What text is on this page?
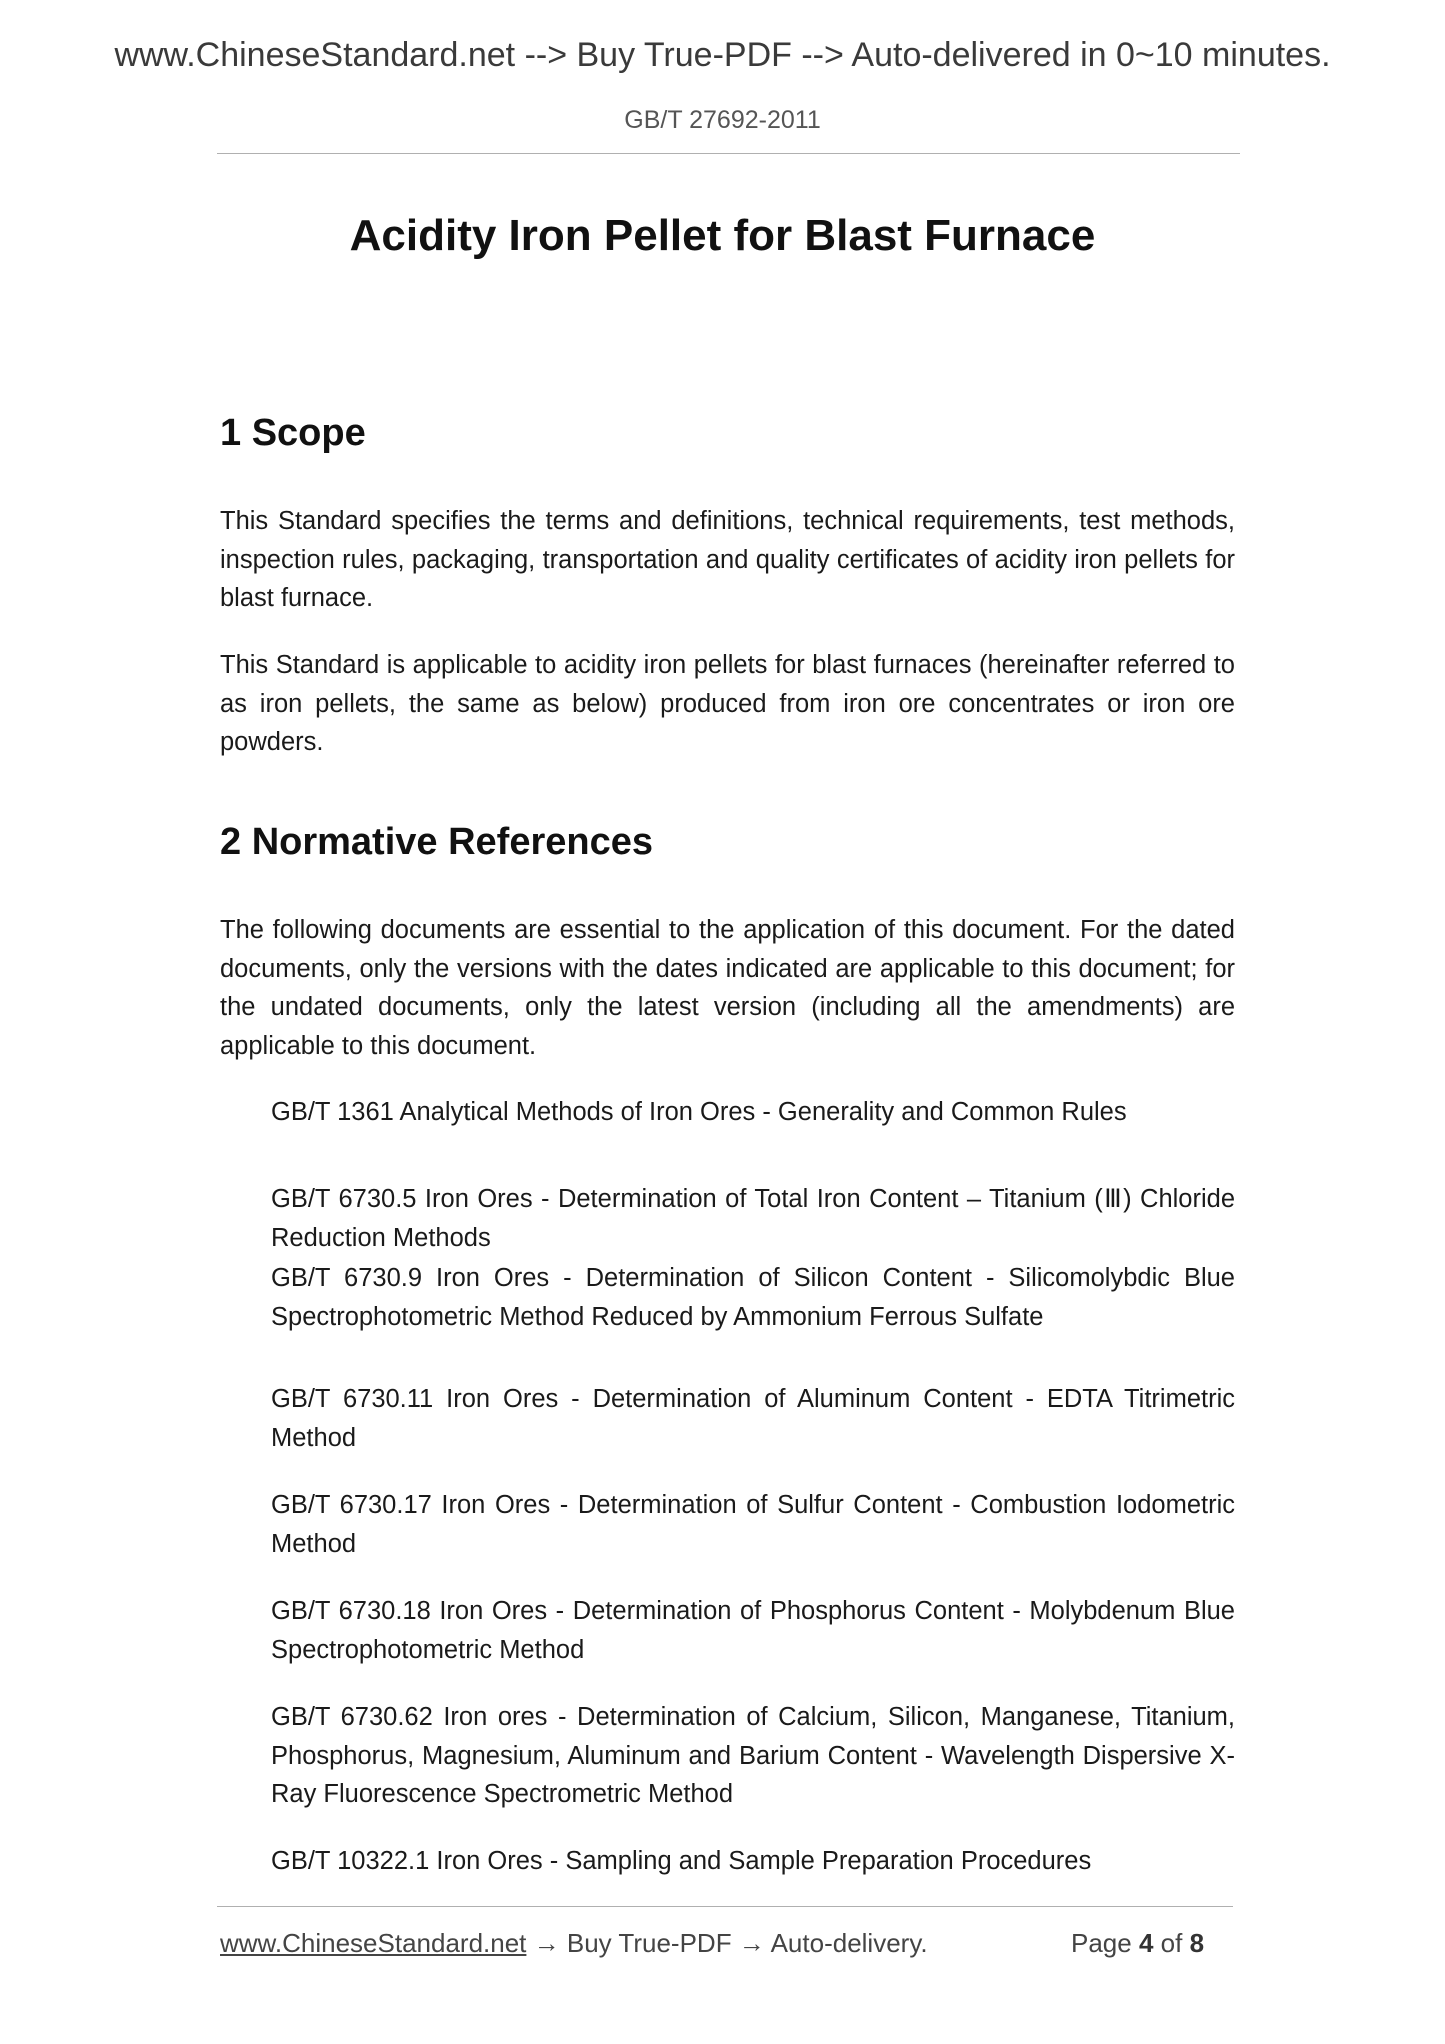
www.ChineseStandard.net --> Buy True-PDF --> Auto-delivered in 0~10 minutes.
GB/T 27692-2011
Acidity Iron Pellet for Blast Furnace
1 Scope
This Standard specifies the terms and definitions, technical requirements, test methods, inspection rules, packaging, transportation and quality certificates of acidity iron pellets for blast furnace.
This Standard is applicable to acidity iron pellets for blast furnaces (hereinafter referred to as iron pellets, the same as below) produced from iron ore concentrates or iron ore powders.
2 Normative References
The following documents are essential to the application of this document. For the dated documents, only the versions with the dates indicated are applicable to this document; for the undated documents, only the latest version (including all the amendments) are applicable to this document.
GB/T 1361 Analytical Methods of Iron Ores - Generality and Common Rules
GB/T 6730.5 Iron Ores - Determination of Total Iron Content – Titanium (Ⅲ) Chloride Reduction Methods
GB/T 6730.9 Iron Ores - Determination of Silicon Content - Silicomolybdic Blue Spectrophotometric Method Reduced by Ammonium Ferrous Sulfate
GB/T 6730.11 Iron Ores - Determination of Aluminum Content - EDTA Titrimetric Method
GB/T 6730.17 Iron Ores - Determination of Sulfur Content - Combustion Iodometric Method
GB/T 6730.18 Iron Ores - Determination of Phosphorus Content - Molybdenum Blue Spectrophotometric Method
GB/T 6730.62 Iron ores - Determination of Calcium, Silicon, Manganese, Titanium, Phosphorus, Magnesium, Aluminum and Barium Content - Wavelength Dispersive X-Ray Fluorescence Spectrometric Method
GB/T 10322.1 Iron Ores - Sampling and Sample Preparation Procedures
www.ChineseStandard.net → Buy True-PDF → Auto-delivery.	Page 4 of 8
